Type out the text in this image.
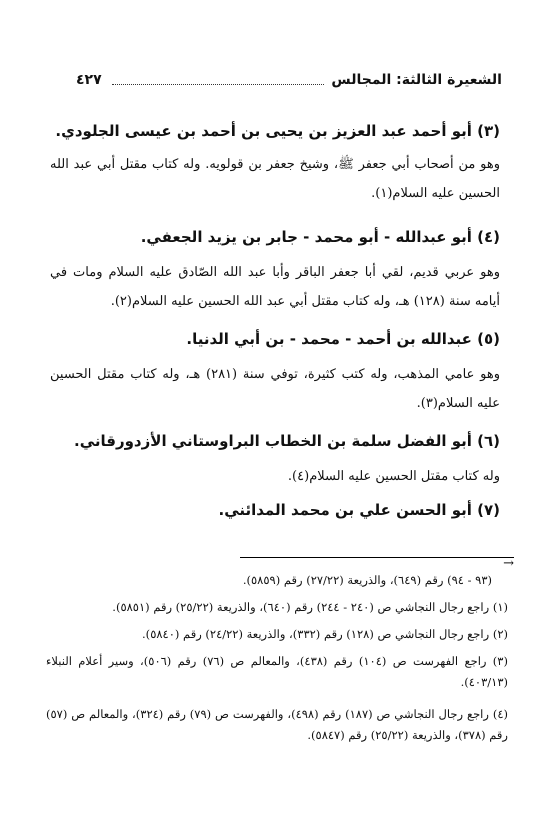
الشعيرة الثالثة: المجالس
٤٢٧
(٣) أبو أحمد عبد العزيز بن يحيى بن أحمد بن عيسى الجلودي.
وهو من أصحاب أبي جعفر ﷺ، وشيخ جعفر بن قولويه. وله كتاب مقتل أبي عبد الله الحسين عليه السلام(١).
(٤) أبو عبدالله - أبو محمد - جابر بن يزيد الجعفي.
وهو عربي قديم، لقي أبا جعفر الباقر وأبا عبد الله الصّادق عليه السلام ومات في أيامه سنة (١٢٨) هـ، وله كتاب مقتل أبي عبد الله الحسين عليه السلام(٢).
(٥) عبدالله بن أحمد - محمد - بن أبي الدنيا.
وهو عامي المذهب، وله كتب كثيرة، توفي سنة (٢٨١) هـ، وله كتاب مقتل الحسين عليه السلام(٣).
(٦) أبو الفضل سلمة بن الخطاب البراوستاني الأزدورقاني.
وله كتاب مقتل الحسين عليه السلام(٤).
(٧) أبو الحسن علي بن محمد المدائني.
→
(٩٣ - ٩٤) رقم (٦٤٩)، والذريعة (٢٧/٢٢) رقم (٥٨٥٩).
(١) راجع رجال النجاشي ص (٢٤٠ - ٢٤٤) رقم (٦٤٠)، والذريعة (٢٥/٢٢) رقم (٥٨٥١).
(٢) راجع رجال النجاشي ص (١٢٨) رقم (٣٣٢)، والذريعة (٢٤/٢٢) رقم (٥٨٤٠).
(٣) راجع الفهرست ص (١٠٤) رقم (٤٣٨)، والمعالم ص (٧٦) رقم (٥٠٦)، وسير أعلام النبلاء (٤٠٣/١٣).
(٤) راجع رجال النجاشي ص (١٨٧) رقم (٤٩٨)، والفهرست ص (٧٩) رقم (٣٢٤)، والمعالم ص (٥٧) رقم (٣٧٨)، والذريعة (٢٥/٢٢) رقم (٥٨٤٧).
